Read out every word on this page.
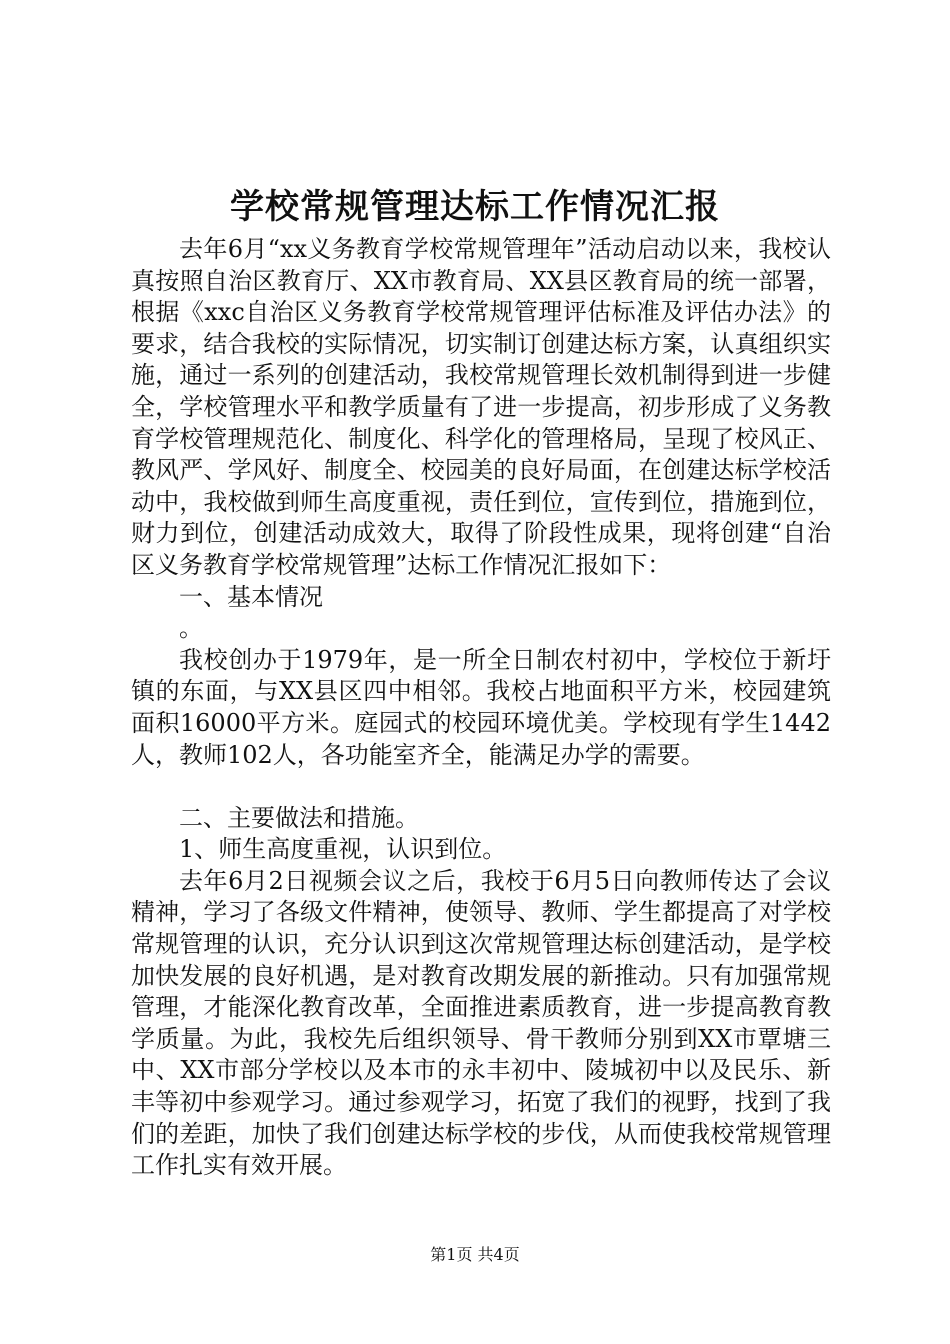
学校常规管理达标工作情况汇报

去年6月“xx义务教育学校常规管理年”活动启动以来，我校认真按照自治区教育厅、XX市教育局、XX县区教育局的统一部署，根据《xxc自治区义务教育学校常规管理评估标准及评估办法》的要求，结合我校的实际情况，切实制订创建达标方案，认真组织实施，通过一系列的创建活动，我校常规管理长效机制得到进一步健全，学校管理水平和教学质量有了进一步提高，初步形成了义务教育学校管理规范化、制度化、科学化的管理格局，呈现了校风正、教风严、学风好、制度全、校园美的良好局面，在创建达标学校活动中，我校做到师生高度重视，责任到位，宣传到位，措施到位，财力到位，创建活动成效大，取得了阶段性成果，现将创建“自治区义务教育学校常规管理”达标工作情况汇报如下：

一、基本情况

。

我校创办于1979年，是一所全日制农村初中，学校位于新圩镇的东面，与XX县区四中相邻。我校占地面积平方米，校园建筑面积16000平方米。庭园式的校园环境优美。学校现有学生1442人，教师102人，各功能室齐全，能满足办学的需要。

二、主要做法和措施。

1、师生高度重视，认识到位。

去年6月2日视频会议之后，我校于6月5日向教师传达了会议精神，学习了各级文件精神，使领导、教师、学生都提高了对学校常规管理的认识，充分认识到这次常规管理达标创建活动，是学校加快发展的良好机遇，是对教育改期发展的新推动。只有加强常规管理，才能深化教育改革，全面推进素质教育，进一步提高教育教学质量。为此，我校先后组织领导、骨干教师分别到XX市覃塘三中、XX市部分学校以及本市的永丰初中、陵城初中以及民乐、新丰等初中参观学习。通过参观学习，拓宽了我们的视野，找到了我们的差距，加快了我们创建达标学校的步伐，从而使我校常规管理工作扎实有效开展。

第1页 共4页
